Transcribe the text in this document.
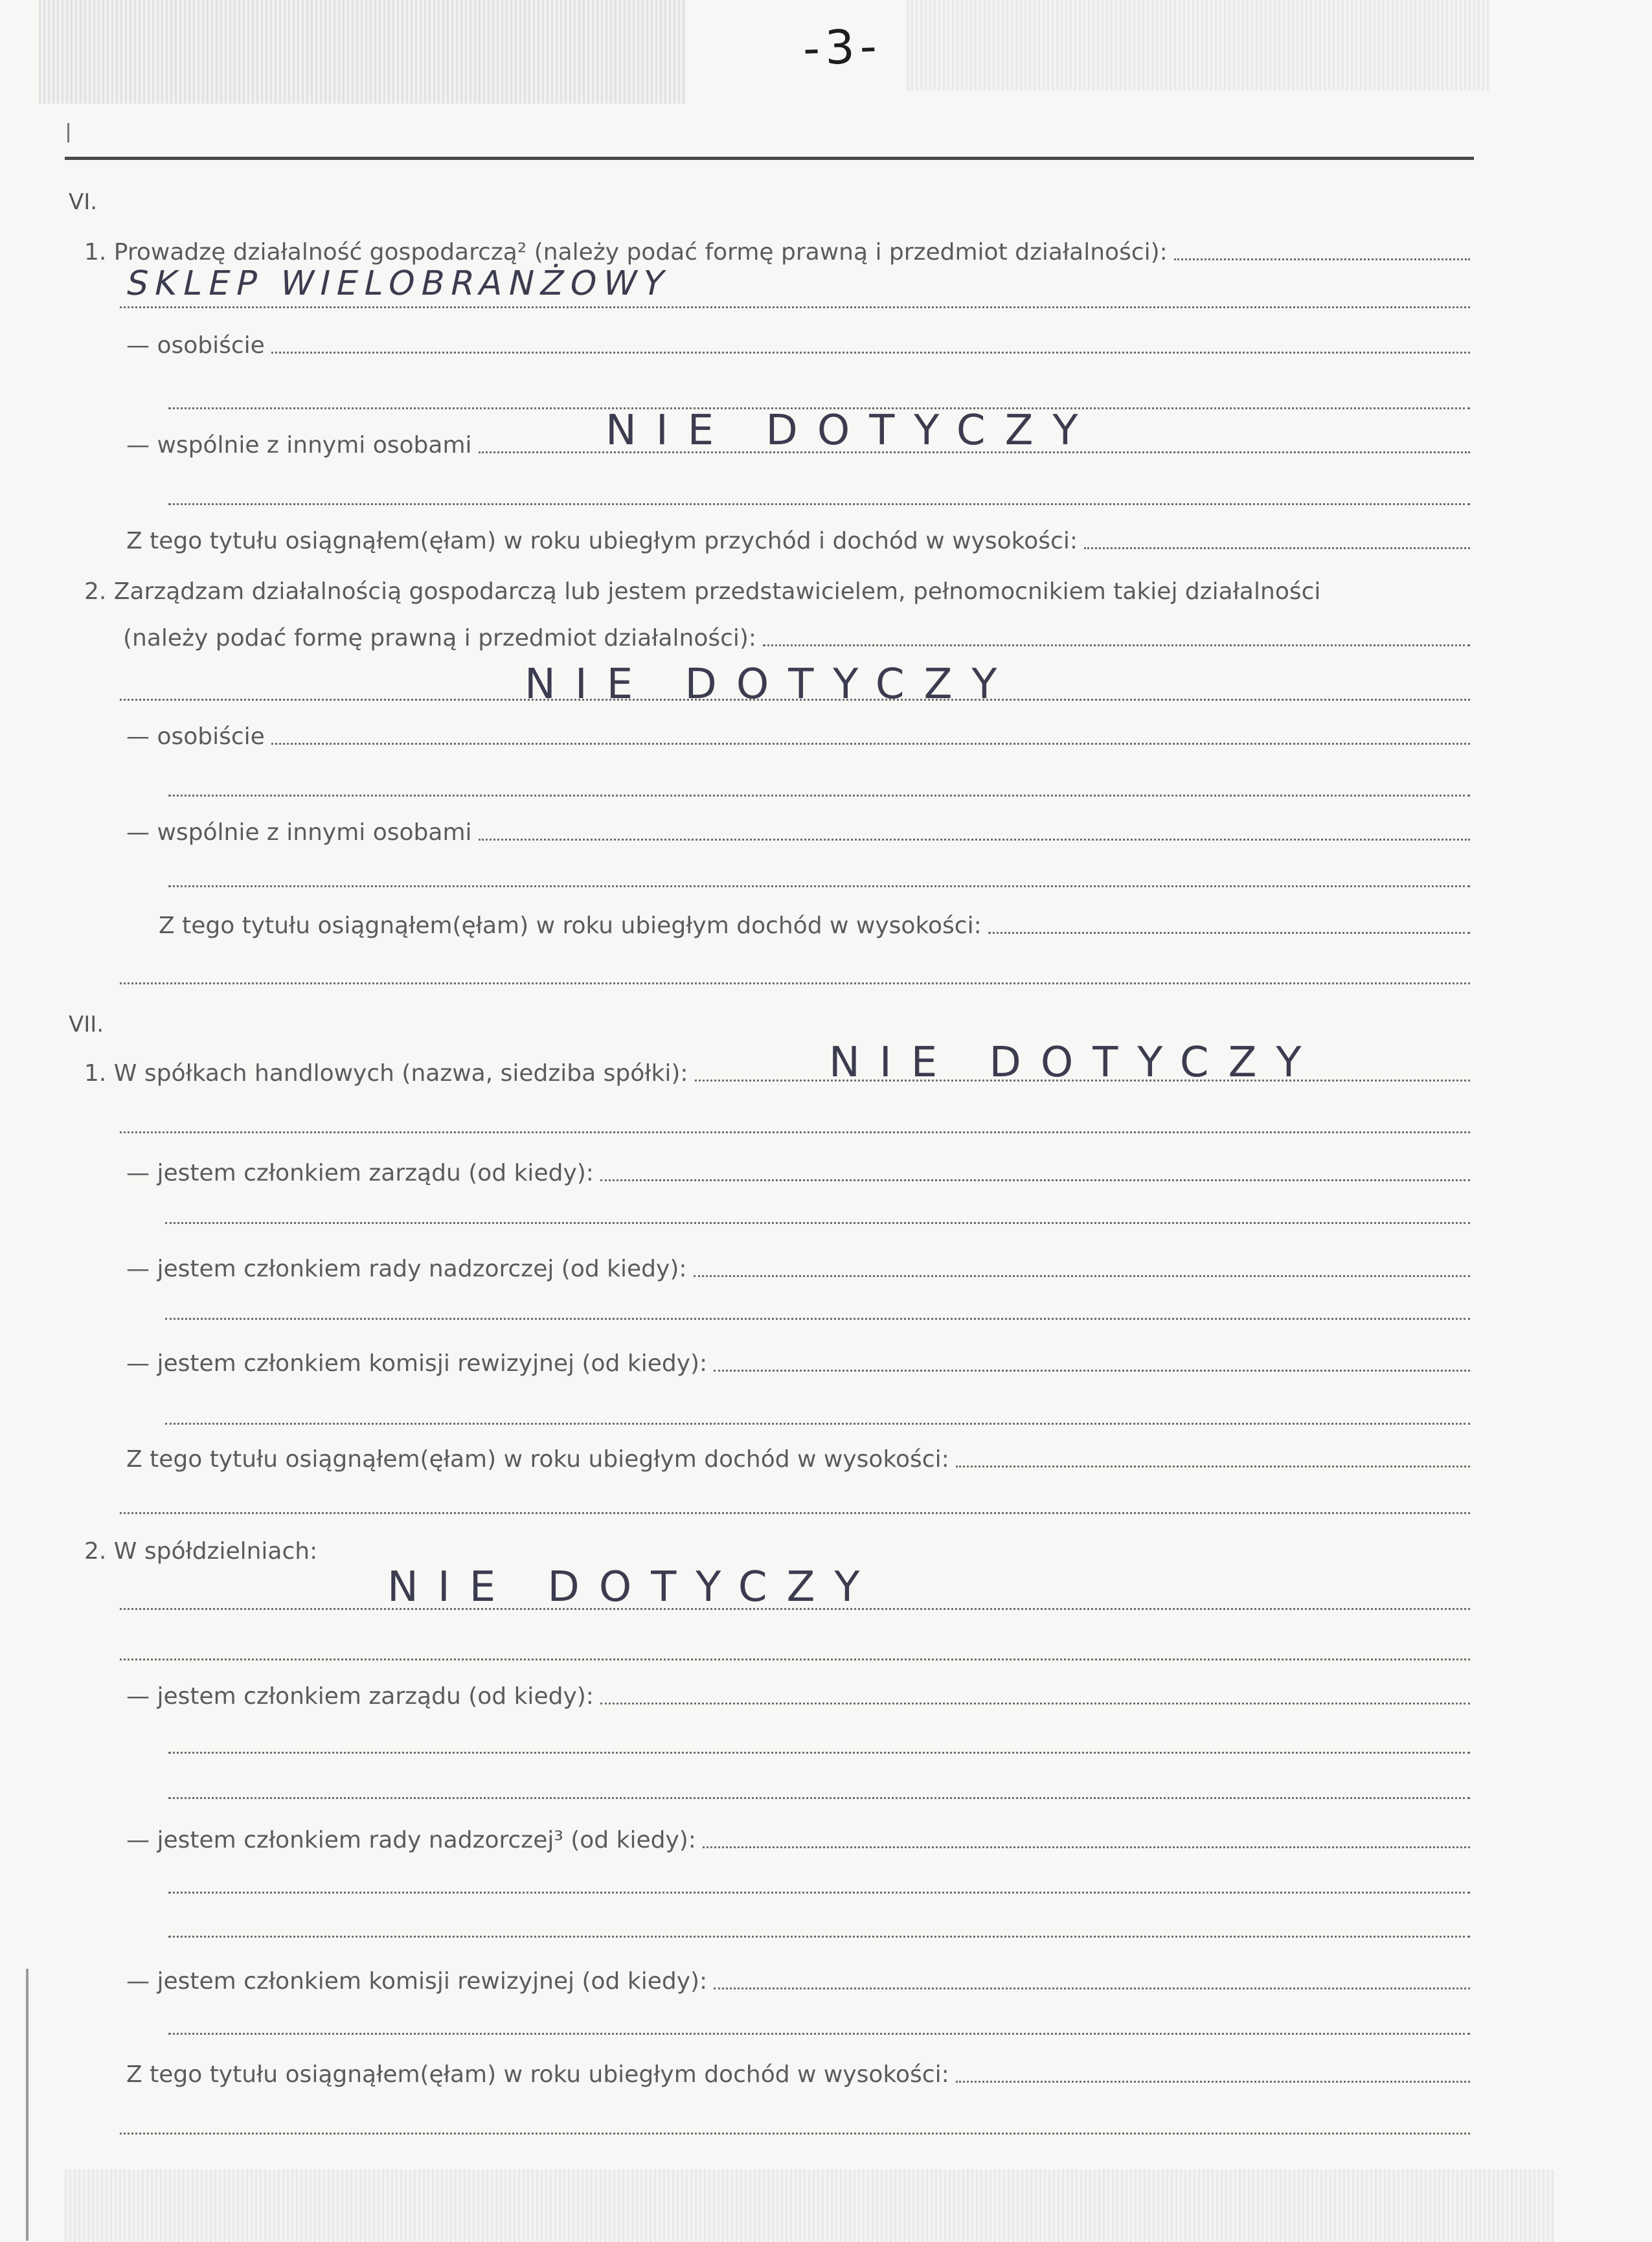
-3-
VI.
1. Prowadzę działalność gospodarczą² (należy podać formę prawną i przedmiot działalności):
SKLEP WIELOBRANŻOWY
— osobiście
— wspólnie z innymi osobami	NIE DOTYCZY
Z tego tytułu osiągnąłem(ęłam) w roku ubiegłym przychód i dochód w wysokości:
2. Zarządzam działalnością gospodarczą lub jestem przedstawicielem, pełnomocnikiem takiej działalności
(należy podać formę prawną i przedmiot działalności):
NIE DOTYCZY
— osobiście
— wspólnie z innymi osobami
Z tego tytułu osiągnąłem(ęłam) w roku ubiegłym dochód w wysokości:
VII.
1. W spółkach handlowych (nazwa, siedziba spółki):	NIE DOTYCZY
— jestem członkiem zarządu (od kiedy):
— jestem członkiem rady nadzorczej (od kiedy):
— jestem członkiem komisji rewizyjnej (od kiedy):
Z tego tytułu osiągnąłem(ęłam) w roku ubiegłym dochód w wysokości:
2. W spółdzielniach:
NIE DOTYCZY
— jestem członkiem zarządu (od kiedy):
— jestem członkiem rady nadzorczej³ (od kiedy):
— jestem członkiem komisji rewizyjnej (od kiedy):
Z tego tytułu osiągnąłem(ęłam) w roku ubiegłym dochód w wysokości:
